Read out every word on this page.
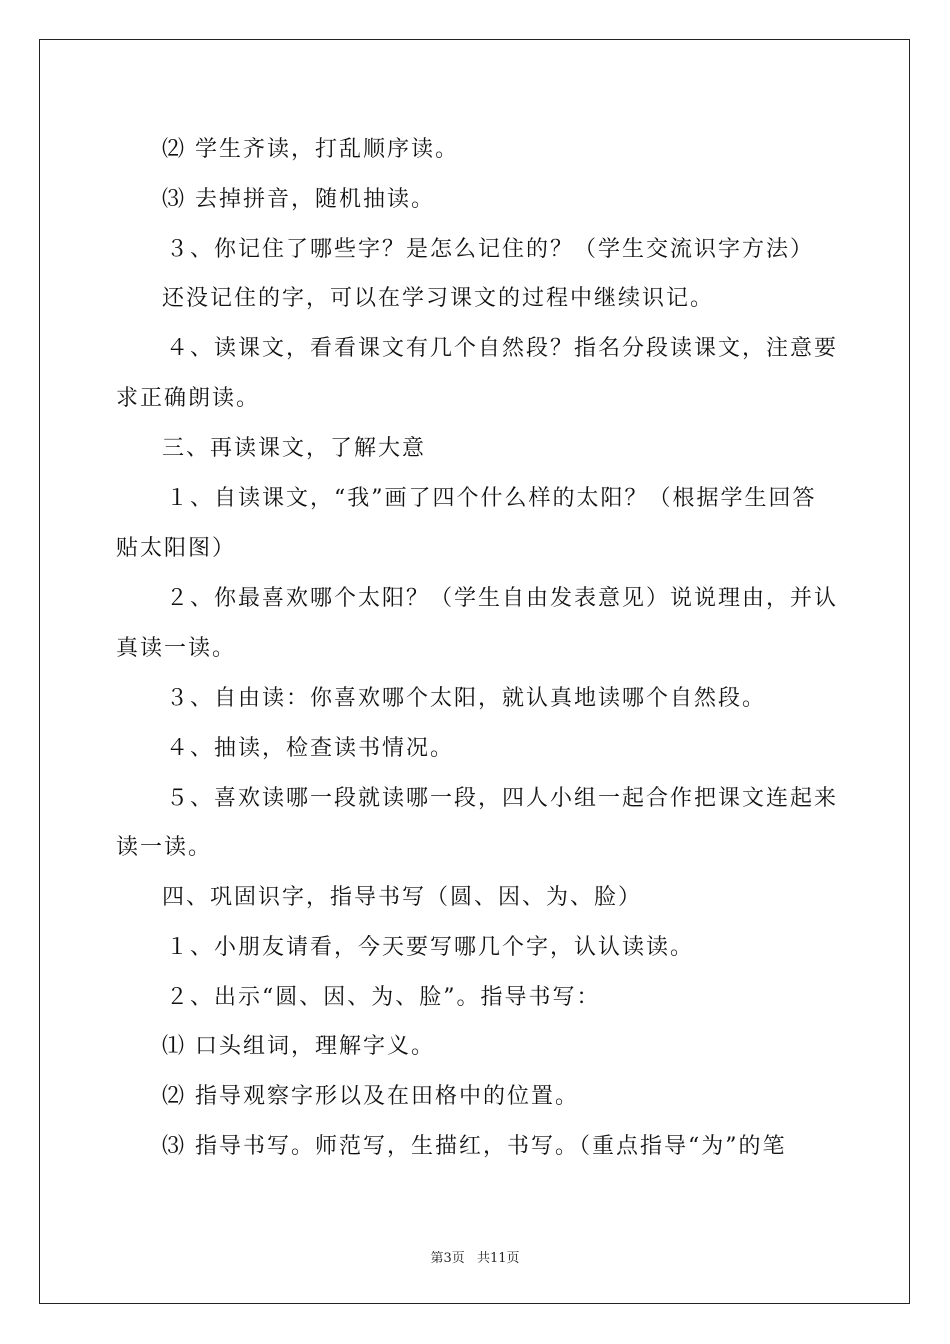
⑵ 学生齐读，打乱顺序读。
⑶ 去掉拼音，随机抽读。
３、你记住了哪些字？是怎么记住的？（学生交流识字方法）
还没记住的字，可以在学习课文的过程中继续识记。
４、读课文，看看课文有几个自然段？指名分段读课文，注意要
求正确朗读。
三、再读课文，了解大意
１、自读课文，“我”画了四个什么样的太阳？（根据学生回答
贴太阳图）
２、你最喜欢哪个太阳？（学生自由发表意见）说说理由，并认
真读一读。
３、自由读：你喜欢哪个太阳，就认真地读哪个自然段。
４、抽读，检查读书情况。
５、喜欢读哪一段就读哪一段，四人小组一起合作把课文连起来
读一读。
四、巩固识字，指导书写（圆、因、为、脸）
１、小朋友请看，今天要写哪几个字，认认读读。
２、出示“圆、因、为、脸”。指导书写：
⑴ 口头组词，理解字义。
⑵ 指导观察字形以及在田格中的位置。
⑶ 指导书写。师范写，生描红，书写。（重点指导“为”的笔
第3页 共11页
